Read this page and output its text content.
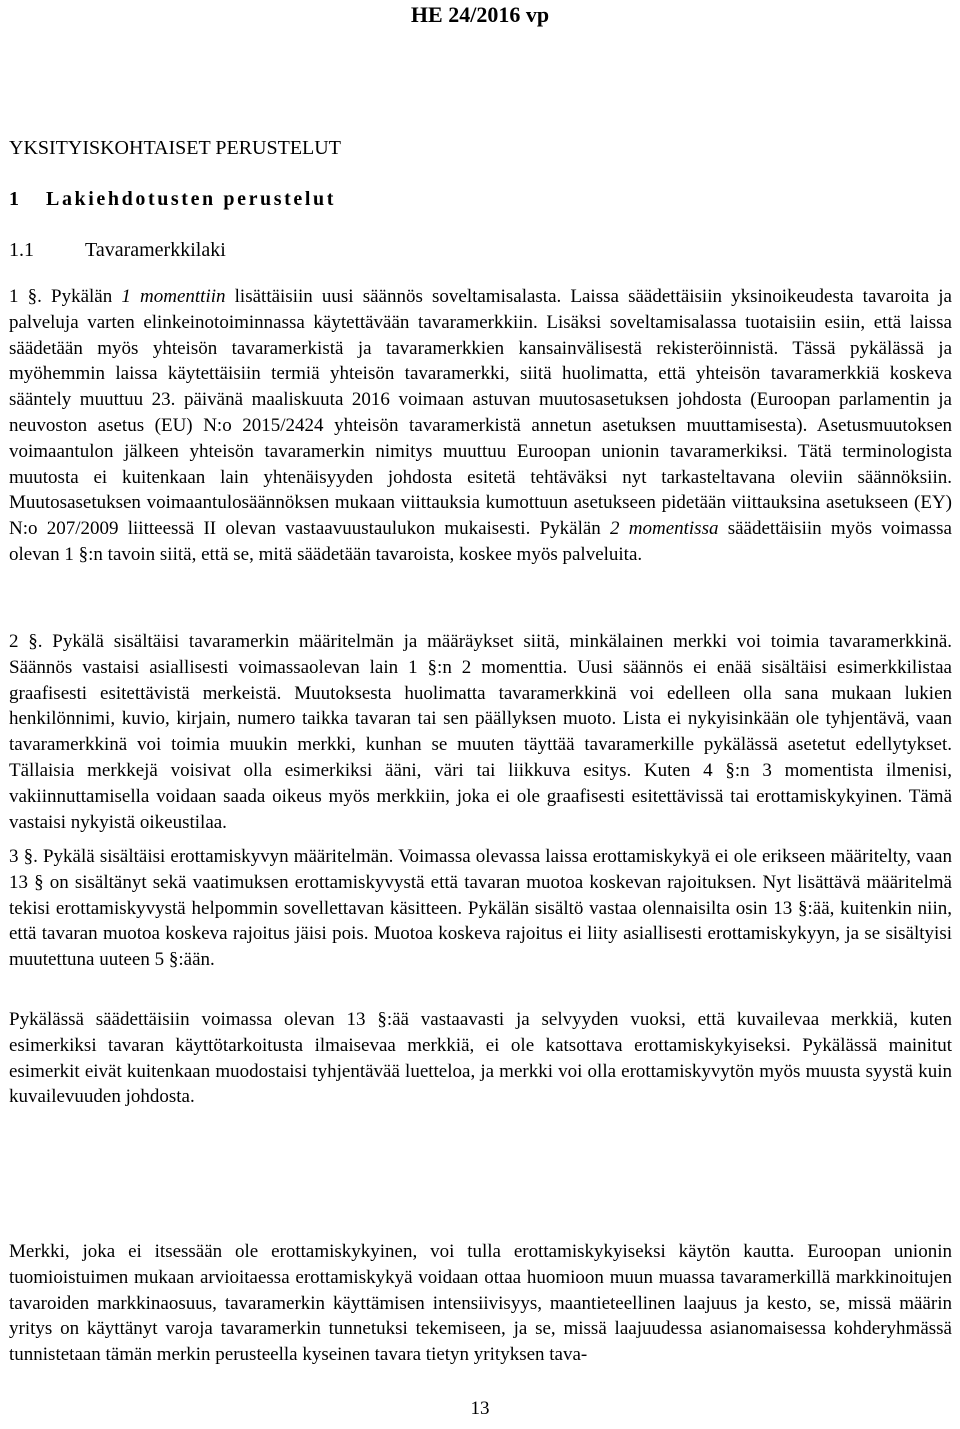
HE 24/2016 vp
YKSITYISKOHTAISET PERUSTELUT
1 Lakiehdotusten perustelut
1.1	Tavaramerkkilaki

1 §. Pykälän 1 momenttiin lisättäisiin uusi säännös soveltamisalasta. Laissa säädettäisiin yksinoikeudesta tavaroita ja palveluja varten elinkeinotoiminnassa käytettävään tavaramerkkiin. Lisäksi soveltamisalassa tuotaisiin esiin, että laissa säädetään myös yhteisön tavaramerkistä ja tavaramerkkien kansainvälisestä rekisteröinnistä. Tässä pykälässä ja myöhemmin laissa käytettäisiin termiä yhteisön tavaramerkki, siitä huolimatta, että yhteisön tavaramerkkiä koskeva sääntely muuttuu 23. päivänä maaliskuuta 2016 voimaan astuvan muutosasetuksen johdosta (Euroopan parlamentin ja neuvoston asetus (EU) N:o 2015/2424 yhteisön tavaramerkistä annetun asetuksen muuttamisesta). Asetusmuutoksen voimaantulon jälkeen yhteisön tavaramerkin nimitys muuttuu Euroopan unionin tavaramerkiksi. Tätä terminologista muutosta ei kuitenkaan lain yhtenäisyyden johdosta esitetä tehtäväksi nyt tarkasteltavana oleviin säännöksiin. Muutosasetuksen voimaantulosäännöksen mukaan viittauksia kumottuun asetukseen pidetään viittauksina asetukseen (EY) N:o 207/2009 liitteessä II olevan vastaavuustaulukon mukaisesti. Pykälän 2 momentissa säädettäisiin myös voimassa olevan 1 §:n tavoin siitä, että se, mitä säädetään tavaroista, koskee myös palveluita.

2 §. Pykälä sisältäisi tavaramerkin määritelmän ja määräykset siitä, minkälainen merkki voi toimia tavaramerkkinä. Säännös vastaisi asiallisesti voimassaolevan lain 1 §:n 2 momenttia. Uusi säännös ei enää sisältäisi esimerkkilistaa graafisesti esitettävistä merkeistä. Muutoksesta huolimatta tavaramerkkinä voi edelleen olla sana mukaan lukien henkilönnimi, kuvio, kirjain, numero taikka tavaran tai sen päällyksen muoto. Lista ei nykyisinkään ole tyhjentävä, vaan tavaramerkkinä voi toimia muukin merkki, kunhan se muuten täyttää tavaramerkille pykälässä asetetut edellytykset. Tällaisia merkkejä voisivat olla esimerkiksi ääni, väri tai liikkuva esitys. Kuten 4 §:n 3 momentista ilmenisi, vakiinnuttamisella voidaan saada oikeus myös merkkiin, joka ei ole graafisesti esitettävissä tai erottamiskykyinen. Tämä vastaisi nykyistä oikeustilaa.

3 §. Pykälä sisältäisi erottamiskyvyn määritelmän. Voimassa olevassa laissa erottamiskykyä ei ole erikseen määritelty, vaan 13 § on sisältänyt sekä vaatimuksen erottamiskyvystä että tavaran muotoa koskevan rajoituksen. Nyt lisättävä määritelmä tekisi erottamiskyvystä helpommin sovellettavan käsitteen. Pykälän sisältö vastaa olennaisilta osin 13 §:ää, kuitenkin niin, että tavaran muotoa koskeva rajoitus jäisi pois. Muotoa koskeva rajoitus ei liity asiallisesti erottamiskykyyn, ja se sisältyisi muutettuna uuteen 5 §:ään.

Pykälässä säädettäisiin voimassa olevan 13 §:ää vastaavasti ja selvyyden vuoksi, että kuvailevaa merkkiä, kuten esimerkiksi tavaran käyttötarkoitusta ilmaisevaa merkkiä, ei ole katsottava erottamiskykyiseksi. Pykälässä mainitut esimerkit eivät kuitenkaan muodostaisi tyhjentävää luetteloa, ja merkki voi olla erottamiskyvytön myös muusta syystä kuin kuvailevuuden johdosta.

Merkki, joka ei itsessään ole erottamiskykyinen, voi tulla erottamiskykyiseksi käytön kautta. Euroopan unionin tuomioistuimen mukaan arvioitaessa erottamiskykyä voidaan ottaa huomioon muun muassa tavaramerkillä markkinoitujen tavaroiden markkinaosuus, tavaramerkin käyttämisen intensiivisyys, maantieteellinen laajuus ja kesto, se, missä määrin yritys on käyttänyt varoja tavaramerkin tunnetuksi tekemiseen, ja se, missä laajuudessa asianomaisessa kohderyhmässä tunnistetaan tämän merkin perusteella kyseinen tavara tietyn yrityksen tava-

13
